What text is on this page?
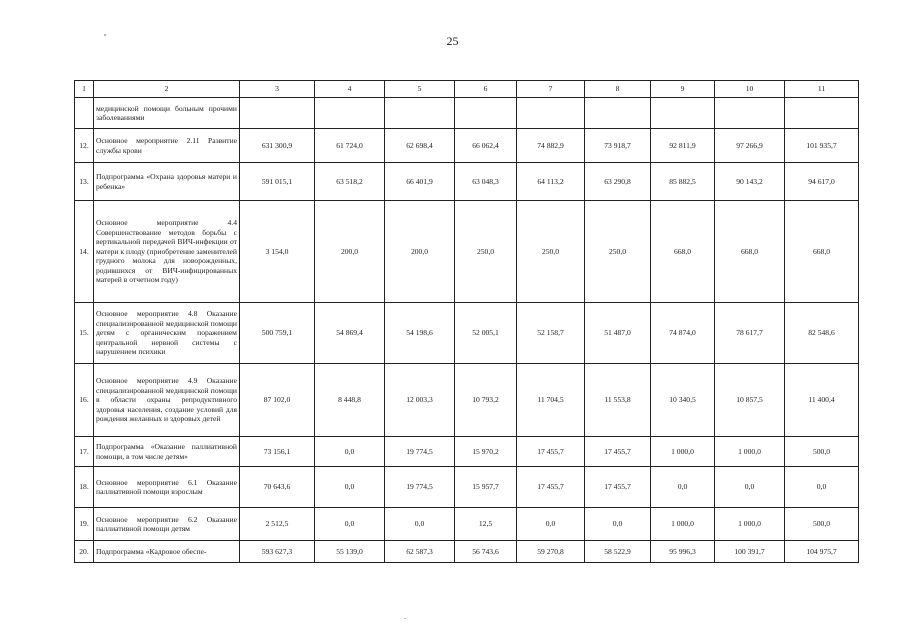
25
1	2	3	4	5	6	7	8	9	10	11
	медицинской помощи больным прочими заболеваниями									
12.	Основное мероприятие 2.11 Развитие службы крови	631 300,9	61 724,0	62 698,4	66 062,4	74 882,9	73 918,7	92 811,9	97 266,9	101 935,7
13.	Подпрограмма «Охрана здоровья матери и ребенка»	591 015,1	63 518,2	66 401,9	63 048,3	64 113,2	63 290,8	85 882,5	90 143,2	94 617,0
14.	Основное мероприятие 4.4 Совершенствование методов борьбы с вертикальной передачей ВИЧ-инфекции от матери к плоду (приобретение заменителей грудного молока для новорожденных, родившихся от ВИЧ-инфицированных матерей в отчетном году)	3 154,0	200,0	200,0	250,0	250,0	250,0	668,0	668,0	668,0
15.	Основное мероприятие 4.8 Оказание специализированной медицинской помощи детям с органическим поражением центральной нервной системы с нарушением психики	500 759,1	54 869,4	54 198,6	52 005,1	52 158,7	51 487,0	74 874,0	78 617,7	82 548,6
16.	Основное мероприятие 4.9 Оказание специализированной медицинской помощи в области охраны репродуктивного здоровья населения, создание условий для рождения желанных и здоровых детей	87 102,0	8 448,8	12 003,3	10 793,2	11 704,5	11 553,8	10 340,5	10 857,5	11 400,4
17.	Подпрограмма «Оказание паллиативной помощи, в том числе детям»	73 156,1	0,0	19 774,5	15 970,2	17 455,7	17 455,7	1 000,0	1 000,0	500,0
18.	Основное мероприятие 6.1 Оказание паллиативной помощи взрослым	70 643,6	0,0	19 774,5	15 957,7	17 455,7	17 455,7	0,0	0,0	0,0
19.	Основное мероприятие 6.2 Оказание паллиативной помощи детям	2 512,5	0,0	0,0	12,5	0,0	0,0	1 000,0	1 000,0	500,0
20.	Подпрограмма «Кадровое обеспе-	593 627,3	55 139,0	62 587,3	56 743,6	59 270,8	58 522,9	95 996,3	100 391,7	104 975,7
